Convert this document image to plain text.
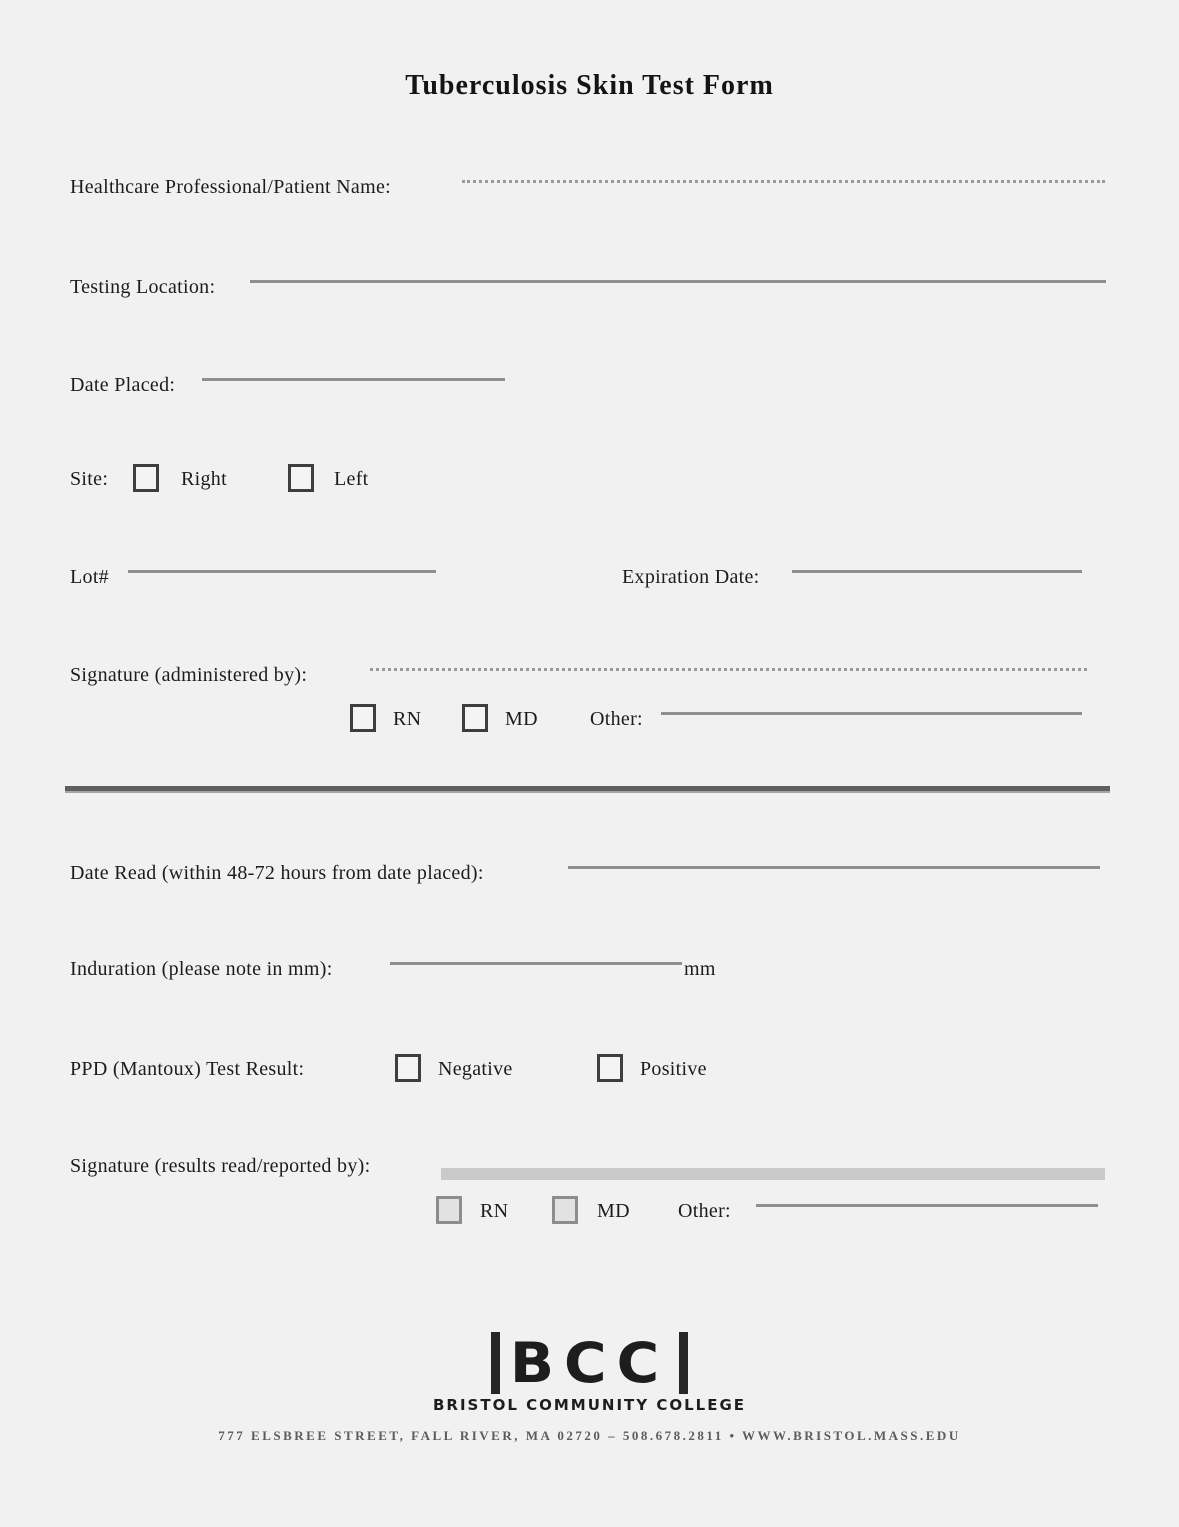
Tuberculosis Skin Test Form
Healthcare Professional/Patient Name:
Testing Location:
Date Placed:
Site:	Right	Left
Lot#	Expiration Date:
Signature (administered by):
RN	MD	Other:
Date Read (within 48-72 hours from date placed):
Induration (please note in mm):	mm
PPD (Mantoux) Test Result:	Negative	Positive
Signature (results read/reported by):
RN	MD Other:
BCC
BRISTOL COMMUNITY COLLEGE
777 ELSBREE STREET, FALL RIVER, MA 02720 – 508.678.2811 • WWW.BRISTOL.MASS.EDU
